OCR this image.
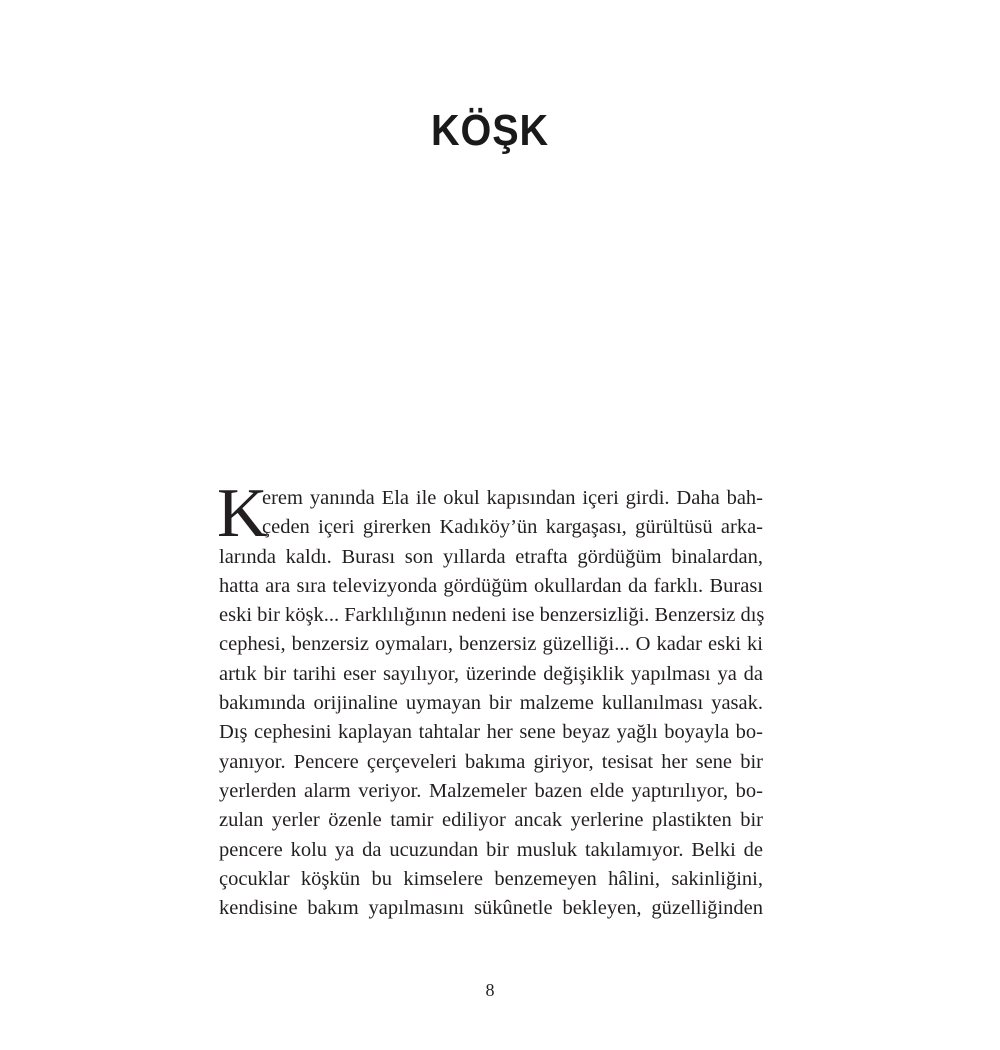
KÖŞK
K
erem yanında Ela ile okul kapısından içeri girdi. Daha bah-
çeden içeri girerken Kadıköy’ün kargaşası, gürültüsü arka-
larında kaldı. Burası son yıllarda etrafta gördüğüm binalardan,
hatta ara sıra televizyonda gördüğüm okullardan da farklı. Burası
eski bir köşk... Farklılığının nedeni ise benzersizliği. Benzersiz dış
cephesi, benzersiz oymaları, benzersiz güzelliği... O kadar eski ki
artık bir tarihi eser sayılıyor, üzerinde değişiklik yapılması ya da
bakımında orijinaline uymayan bir malzeme kullanılması yasak.
Dış cephesini kaplayan tahtalar her sene beyaz yağlı boyayla bo-
yanıyor. Pencere çerçeveleri bakıma giriyor, tesisat her sene bir
yerlerden alarm veriyor. Malzemeler bazen elde yaptırılıyor, bo-
zulan yerler özenle tamir ediliyor ancak yerlerine plastikten bir
pencere kolu ya da ucuzundan bir musluk takılamıyor. Belki de
çocuklar köşkün bu kimselere benzemeyen hâlini, sakinliğini,
kendisine bakım yapılmasını sükûnetle bekleyen, güzelliğinden
8
